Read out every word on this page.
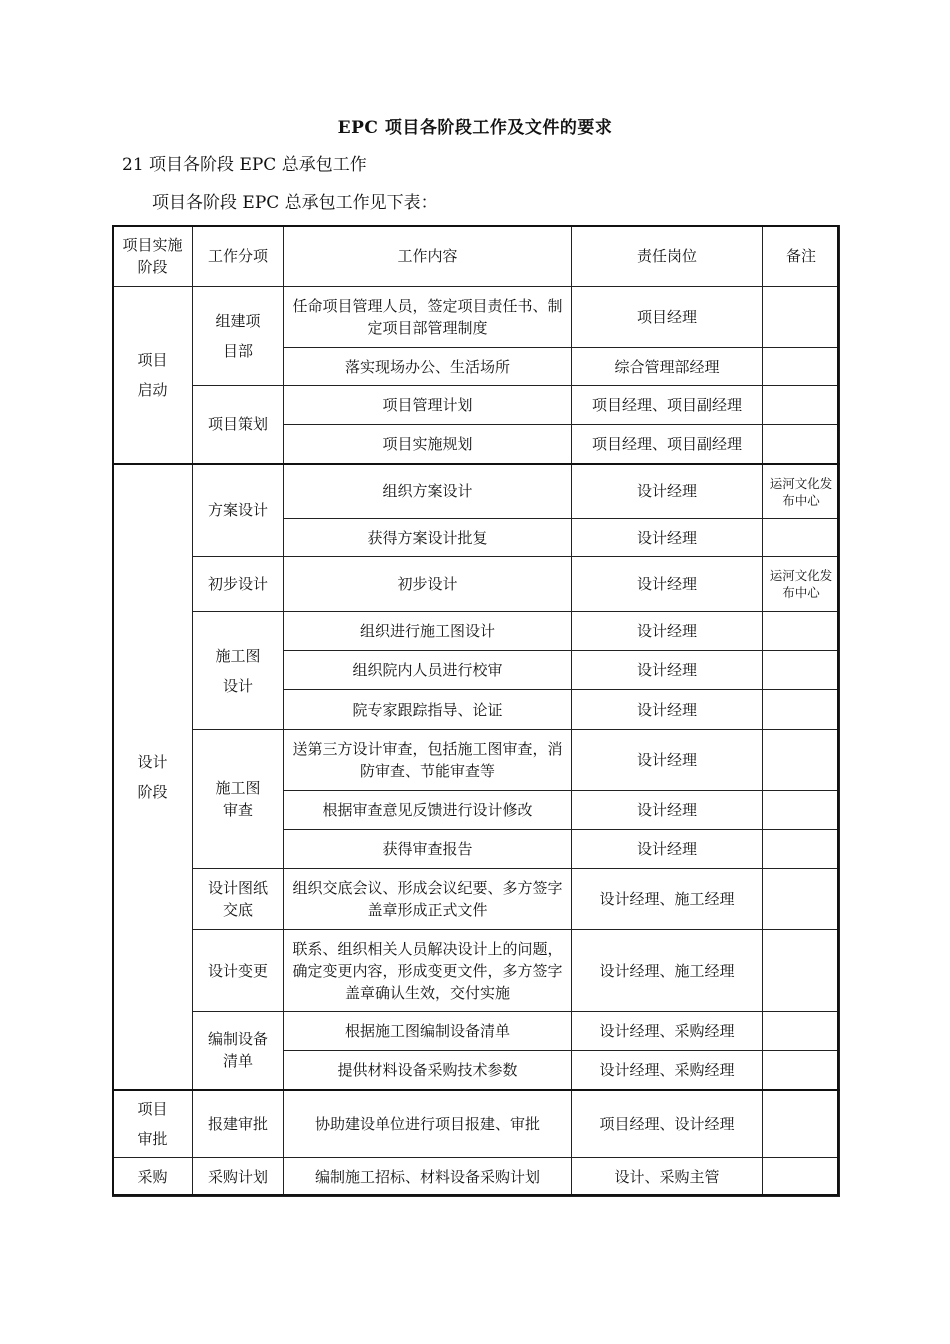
EPC 项目各阶段工作及文件的要求
21 项目各阶段 EPC 总承包工作
项目各阶段 EPC 总承包工作见下表：
项目实施阶段	工作分项	工作内容	责任岗位	备注
项目启动	组建项目部	任命项目管理人员，签定项目责任书、制定项目部管理制度	项目经理	
		落实现场办公、生活场所	综合管理部经理	
	项目策划	项目管理计划	项目经理、项目副经理	
		项目实施规划	项目经理、项目副经理	
设计阶段	方案设计	组织方案设计	设计经理	运河文化发布中心
		获得方案设计批复	设计经理	
	初步设计	初步设计	设计经理	运河文化发布中心
	施工图设计	组织进行施工图设计	设计经理	
		组织院内人员进行校审	设计经理	
		院专家跟踪指导、论证	设计经理	
	施工图审查	送第三方设计审查，包括施工图审查，消防审查、节能审查等	设计经理	
		根据审查意见反馈进行设计修改	设计经理	
		获得审查报告	设计经理	
	设计图纸交底	组织交底会议、形成会议纪要、多方签字盖章形成正式文件	设计经理、施工经理	
	设计变更	联系、组织相关人员解决设计上的问题，确定变更内容，形成变更文件，多方签字盖章确认生效，交付实施	设计经理、施工经理	
	编制设备清单	根据施工图编制设备清单	设计经理、采购经理	
		提供材料设备采购技术参数	设计经理、采购经理	
项目审批	报建审批	协助建设单位进行项目报建、审批	项目经理、设计经理	
采购	采购计划	编制施工招标、材料设备采购计划	设计、采购主管	
